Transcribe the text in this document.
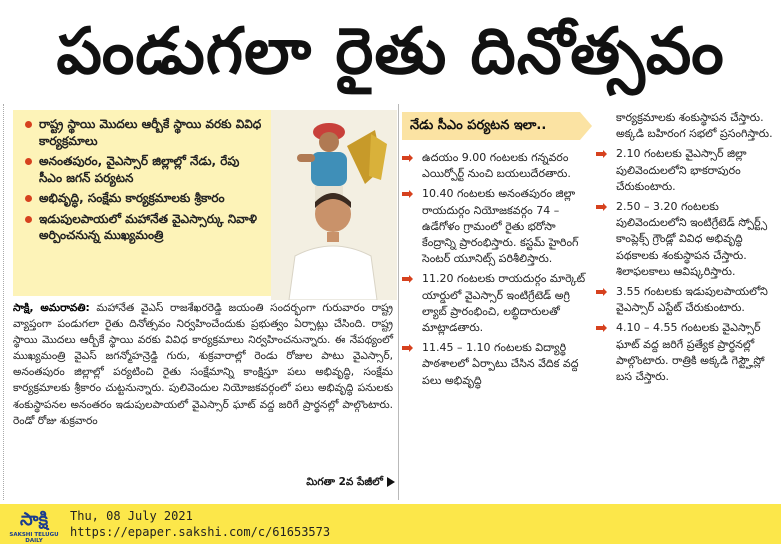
పండుగలా రైతు దినోత్సవం
రాష్ట్ర స్థాయి మొదలు ఆర్బీకే స్థాయి వరకు వివిధ కార్యక్రమాలు
అనంతపురం, వైఎస్సార్ జిల్లాల్లో నేడు, రేపు సీఎం జగన్ పర్యటన
అభివృద్ధి, సంక్షేమ కార్యక్రమాలకు శ్రీకారం
ఇడుపులపాయలో మహానేత వైఎస్సార్కు నివాళి అర్పించనున్న ముఖ్యమంత్రి
సాక్షి, అమరావతి: మహానేత వైఎస్ రాజశేఖరరెడ్డి జయంతి సందర్భంగా గురువారం రాష్ట్ర వ్యాప్తంగా పండుగలా రైతు దినోత్సవం నిర్వహించేందుకు ప్రభుత్వం ఏర్పాట్లు చేసింది. రాష్ట్ర స్థాయి మొదలు ఆర్బీకే స్థాయి వరకు వివిధ కార్యక్రమాలు నిర్వహించనున్నారు. ఈ నేపథ్యంలో ముఖ్యమంత్రి వైఎస్ జగన్మోహన్రెడ్డి గురు, శుక్రవారాల్లో రెండు రోజుల పాటు వైఎస్సార్, అనంతపురం జిల్లాల్లో పర్యటించి రైతు సంక్షేమాన్ని కాంక్షిస్తూ పలు అభివృద్ధి, సంక్షేమ కార్యక్రమాలకు శ్రీకారం చుట్టనున్నారు. పులివెందుల నియోజకవర్గంలో పలు అభివృద్ధి పనులకు శంకుస్థాపనల అనంతరం ఇడుపులపాయలో వైఎస్సార్ ఘాట్ వద్ద జరిగే ప్రార్థనల్లో పాల్గొంటారు. రెండో రోజు శుక్రవారం
మిగతా 2వ పేజీలో
నేడు సీఎం పర్యటన ఇలా..
ఉదయం 9.00 గంటలకు గన్నవరం ఎయిర్పోర్ట్ నుంచి బయలుదేరతారు.
10.40 గంటలకు అనంతపురం జిల్లా రాయదుర్గం నియోజకవర్గం 74 –ఉడేగోళం గ్రామంలో రైతు భరోసా కేంద్రాన్ని ప్రారంభిస్తారు. కస్టమ్ హైరింగ్ సెంటర్ యూనిట్స్ పరిశీలిస్తారు.
11.20 గంటలకు రాయదుర్గం మార్కెట్ యార్డులో వైఎస్సార్ ఇంటిగ్రేటెడ్ అగ్రి ల్యాబ్ ప్రారంభించి, లబ్ధిదారులతో మాట్లాడతారు.
11.45 – 1.10 గంటలకు విద్యార్థి పాఠశాలలో ఏర్పాటు చేసిన వేదిక వద్ద పలు అభివృద్ధి
కార్యక్రమాలకు శంకుస్థాపన చేస్తారు. అక్కడి బహిరంగ సభలో ప్రసంగిస్తారు.
2.10 గంటలకు వైఎస్సార్ జిల్లా పులివెందులలోని భాకరాపురం చేరుకుంటారు.
2.50 – 3.20 గంటలకు పులివెందులలోని ఇంటిగ్రేటెడ్ స్పోర్ట్స్ కాంప్లెక్స్ గ్రౌండ్లో వివిధ అభివృద్ధి పథకాలకు శంకుస్థాపన చేస్తారు. శిలాఫలకాలు ఆవిష్కరిస్తారు.
3.55 గంటలకు ఇడుపులపాయలోని వైఎస్సార్ ఎస్టేట్ చేరుకుంటారు.
4.10 – 4.55 గంటలకు వైఎస్సార్ ఘాట్ వద్ద జరిగే ప్రత్యేక ప్రార్థనల్లో పాల్గొంటారు. రాత్రికి అక్కడి గెస్ట్హౌస్లో బస చేస్తారు.
సాక్షి
SAKSHI TELUGU DAILY
Thu, 08 July 2021
https://epaper.sakshi.com/c/61653573
